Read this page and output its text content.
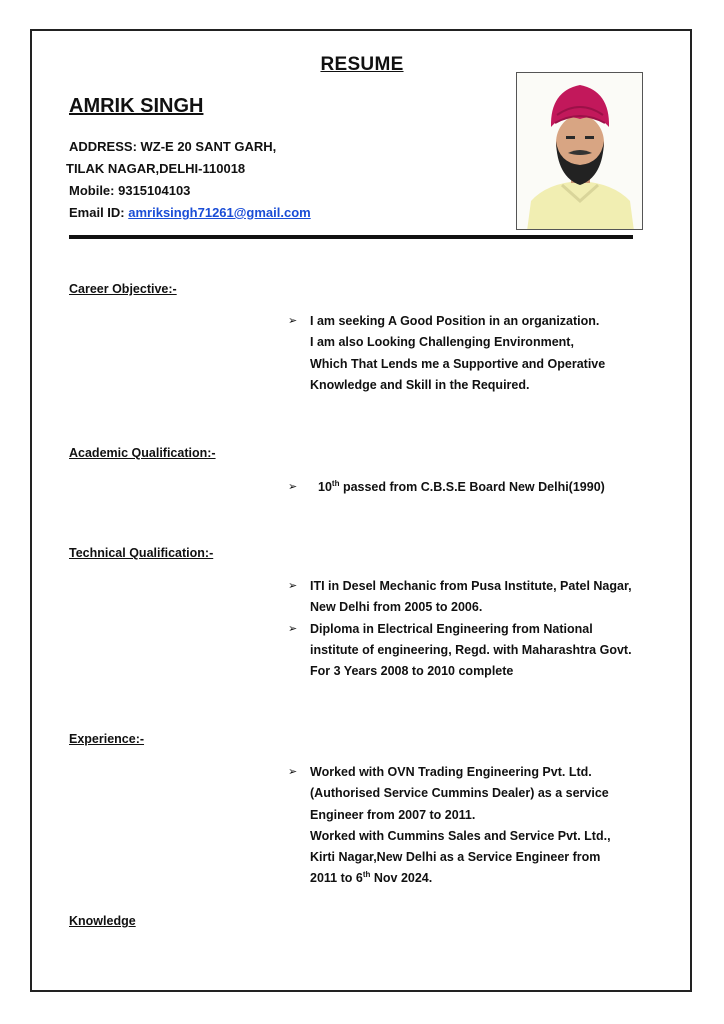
RESUME
AMRIK SINGH
ADDRESS: WZ-E 20 SANT GARH,
TILAK NAGAR,DELHI-110018
Mobile: 9315104103
Email ID: amriksingh71261@gmail.com
Career Objective:-
➢ I am seeking A Good Position in an organization.
I am also Looking Challenging Environment,
Which That Lends me a Supportive and Operative
Knowledge and Skill in the Required.
Academic Qualification:-
➢ 10th passed from C.B.S.E Board New Delhi(1990)
Technical Qualification:-
➢ ITI in Desel Mechanic from Pusa Institute, Patel Nagar,
New Delhi from 2005 to 2006.
➢ Diploma in Electrical Engineering from National
institute of engineering, Regd. with Maharashtra Govt.
For 3 Years 2008 to 2010 complete
Experience:-
➢ Worked with OVN Trading Engineering Pvt. Ltd.
(Authorised Service Cummins Dealer) as a service
Engineer from 2007 to 2011.
Worked with Cummins Sales and Service Pvt. Ltd.,
Kirti Nagar,New Delhi as a Service Engineer from
2011 to 6th Nov 2024.
Knowledge
